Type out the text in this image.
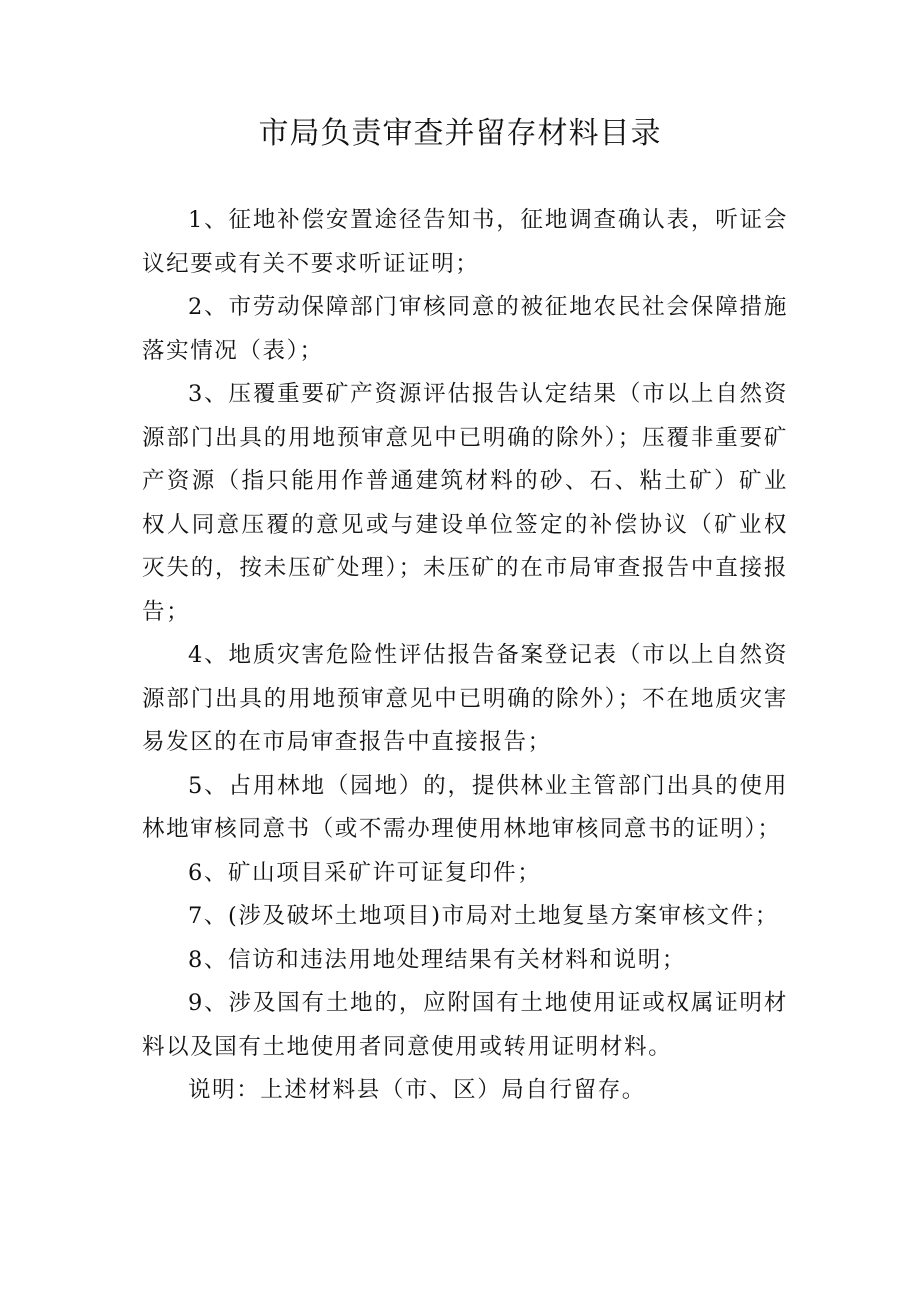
市局负责审查并留存材料目录

1、征地补偿安置途径告知书，征地调查确认表，听证会议纪要或有关不要求听证证明；

2、市劳动保障部门审核同意的被征地农民社会保障措施落实情况（表）；

3、压覆重要矿产资源评估报告认定结果（市以上自然资源部门出具的用地预审意见中已明确的除外）；压覆非重要矿产资源（指只能用作普通建筑材料的砂、石、粘土矿）矿业权人同意压覆的意见或与建设单位签定的补偿协议（矿业权灭失的，按未压矿处理）；未压矿的在市局审查报告中直接报告；

4、地质灾害危险性评估报告备案登记表（市以上自然资源部门出具的用地预审意见中已明确的除外）；不在地质灾害易发区的在市局审查报告中直接报告；

5、占用林地（园地）的，提供林业主管部门出具的使用林地审核同意书（或不需办理使用林地审核同意书的证明）；

6、矿山项目采矿许可证复印件；

7、(涉及破坏土地项目)市局对土地复垦方案审核文件；

8、信访和违法用地处理结果有关材料和说明；

9、涉及国有土地的，应附国有土地使用证或权属证明材料以及国有土地使用者同意使用或转用证明材料。

说明：上述材料县（市、区）局自行留存。
